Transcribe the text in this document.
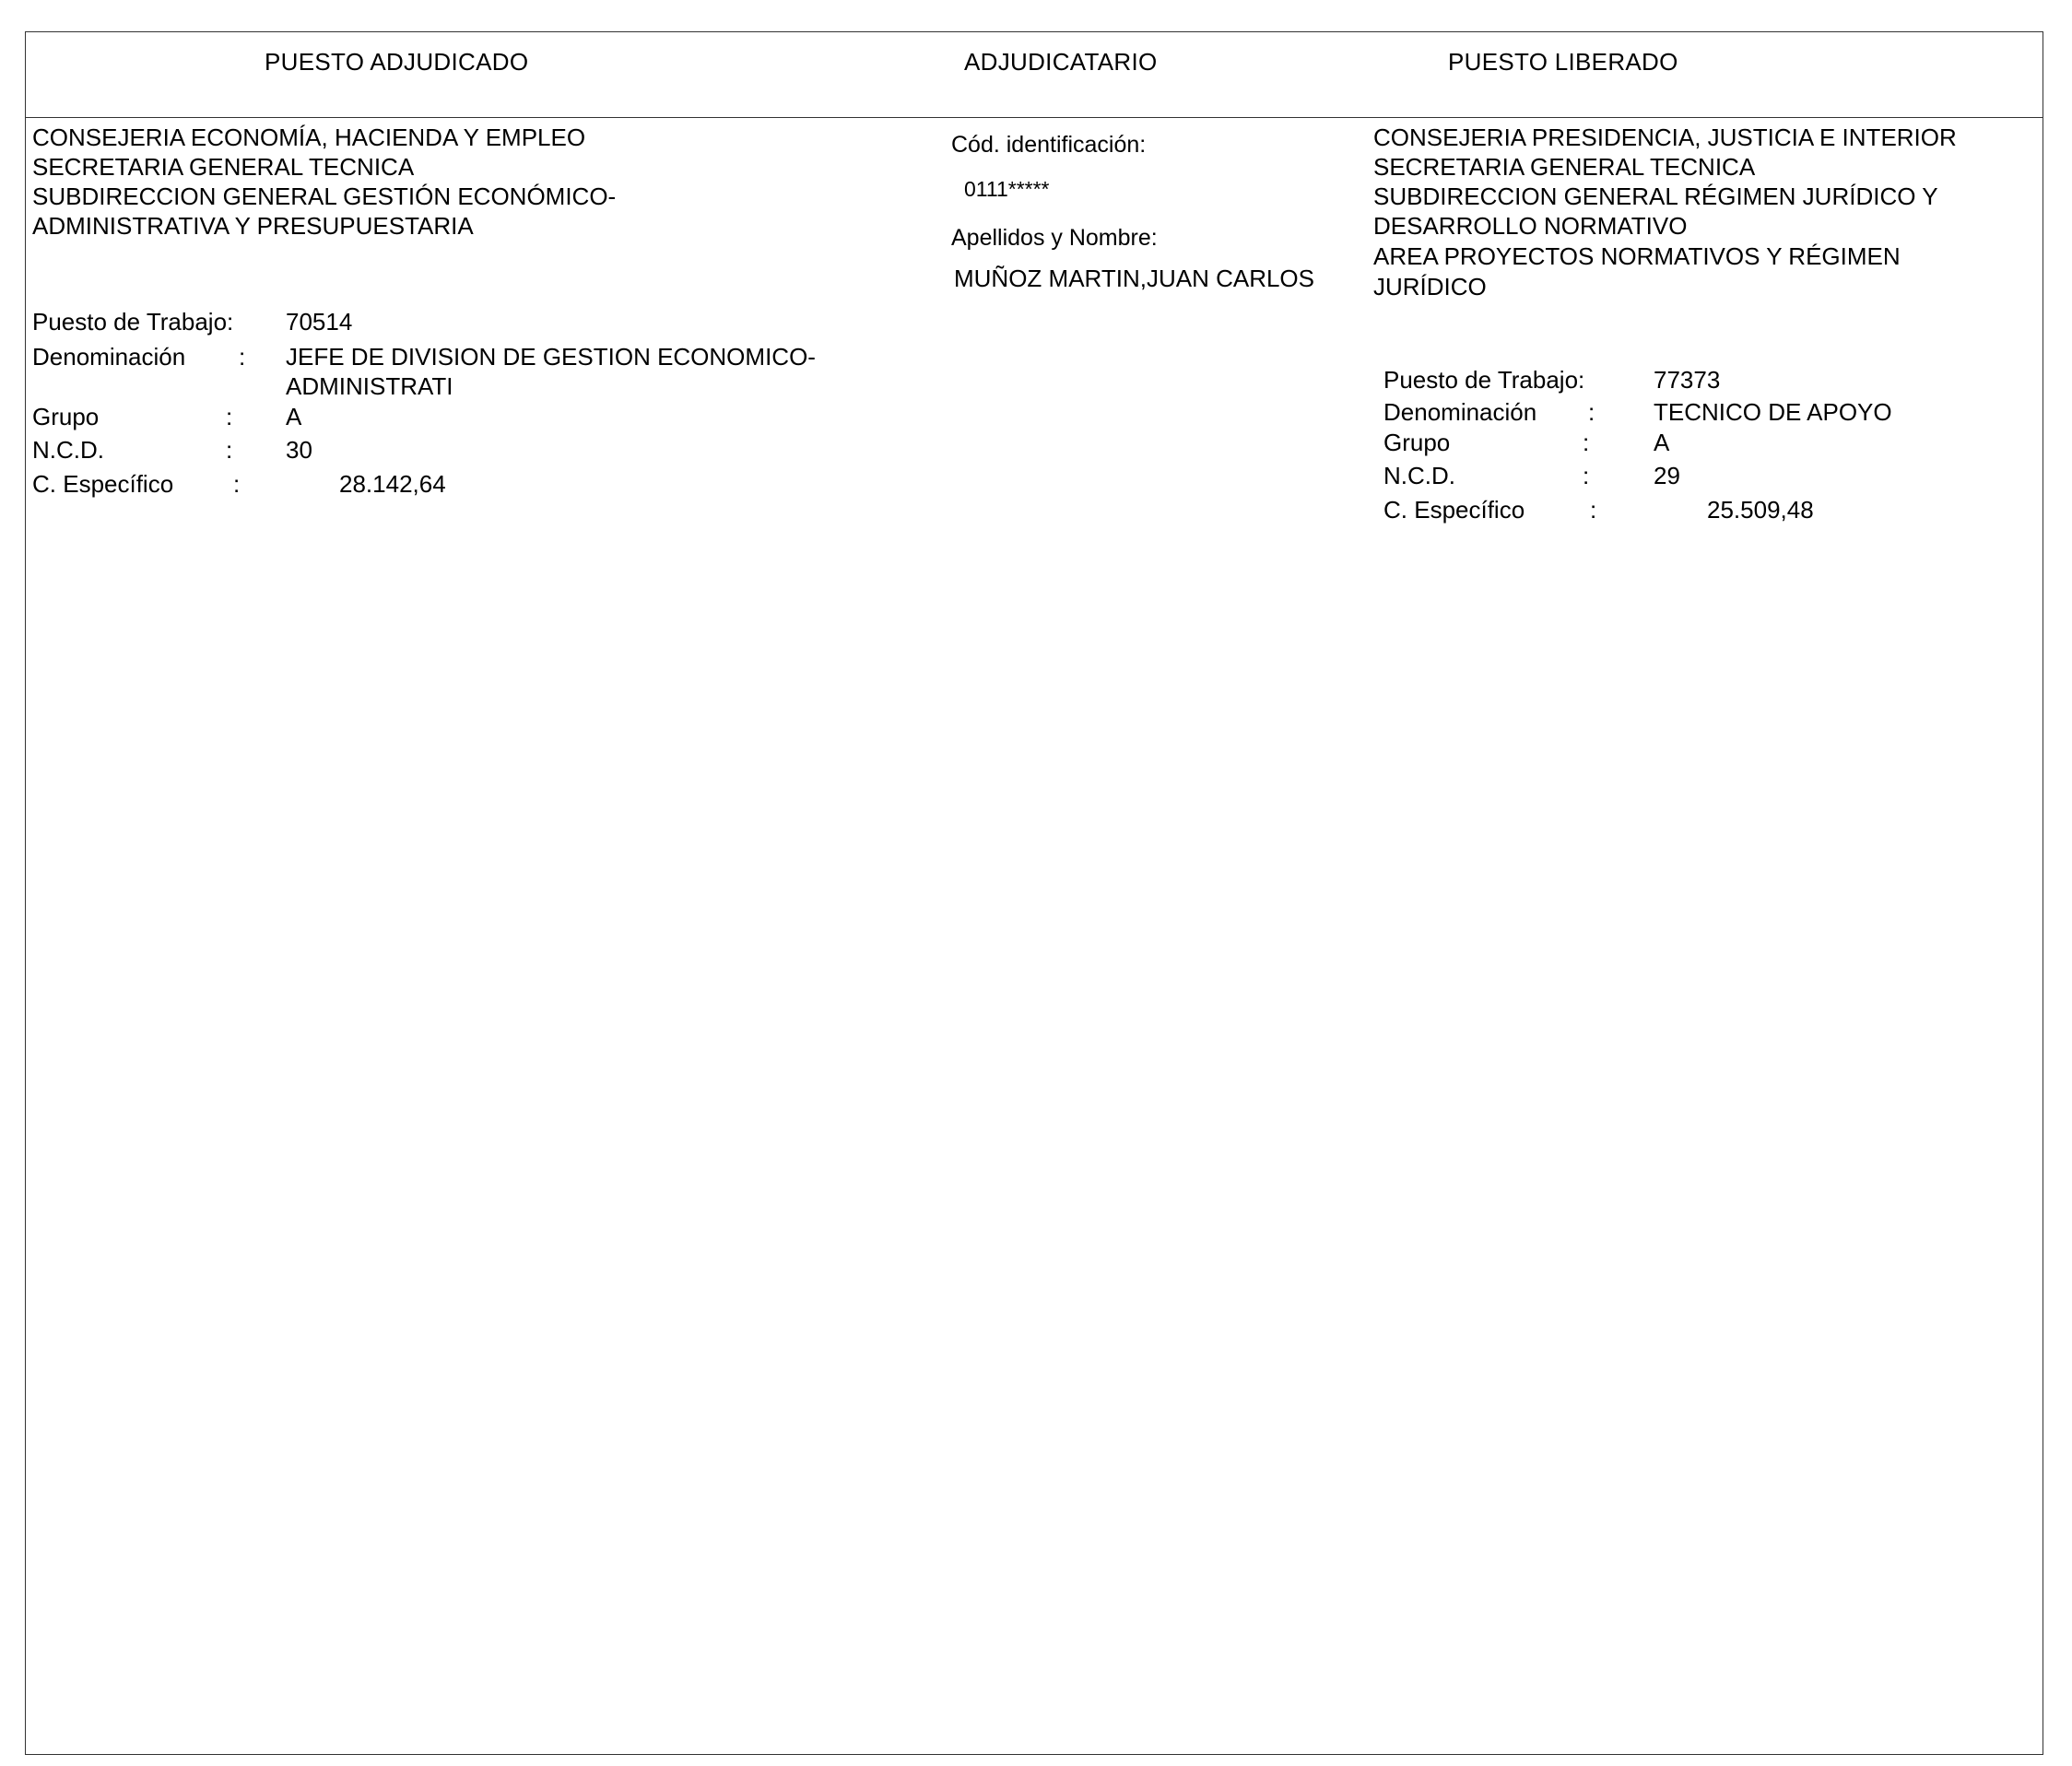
PUESTO ADJUDICADO	ADJUDICATARIO	PUESTO LIBERADO
CONSEJERIA ECONOMÍA, HACIENDA Y EMPLEO
SECRETARIA GENERAL TECNICA
SUBDIRECCION GENERAL GESTIÓN ECONÓMICO-
ADMINISTRATIVA Y PRESUPUESTARIA
Puesto de Trabajo: 70514
Denominación : JEFE DE DIVISION DE GESTION ECONOMICO-
ADMINISTRATI
Grupo	: A
N.C.D.	: 30
C. Específico :	28.142,64
Cód. identificación:
0111*****
Apellidos y Nombre:
MUÑOZ MARTIN,JUAN CARLOS
CONSEJERIA PRESIDENCIA, JUSTICIA E INTERIOR
SECRETARIA GENERAL TECNICA
SUBDIRECCION GENERAL RÉGIMEN JURÍDICO Y
DESARROLLO NORMATIVO
AREA PROYECTOS NORMATIVOS Y RÉGIMEN
JURÍDICO
Puesto de Trabajo:	77373
Denominación : TECNICO DE APOYO
Grupo	:	A
N.C.D.	:	29
C. Específico	:	25.509,48
